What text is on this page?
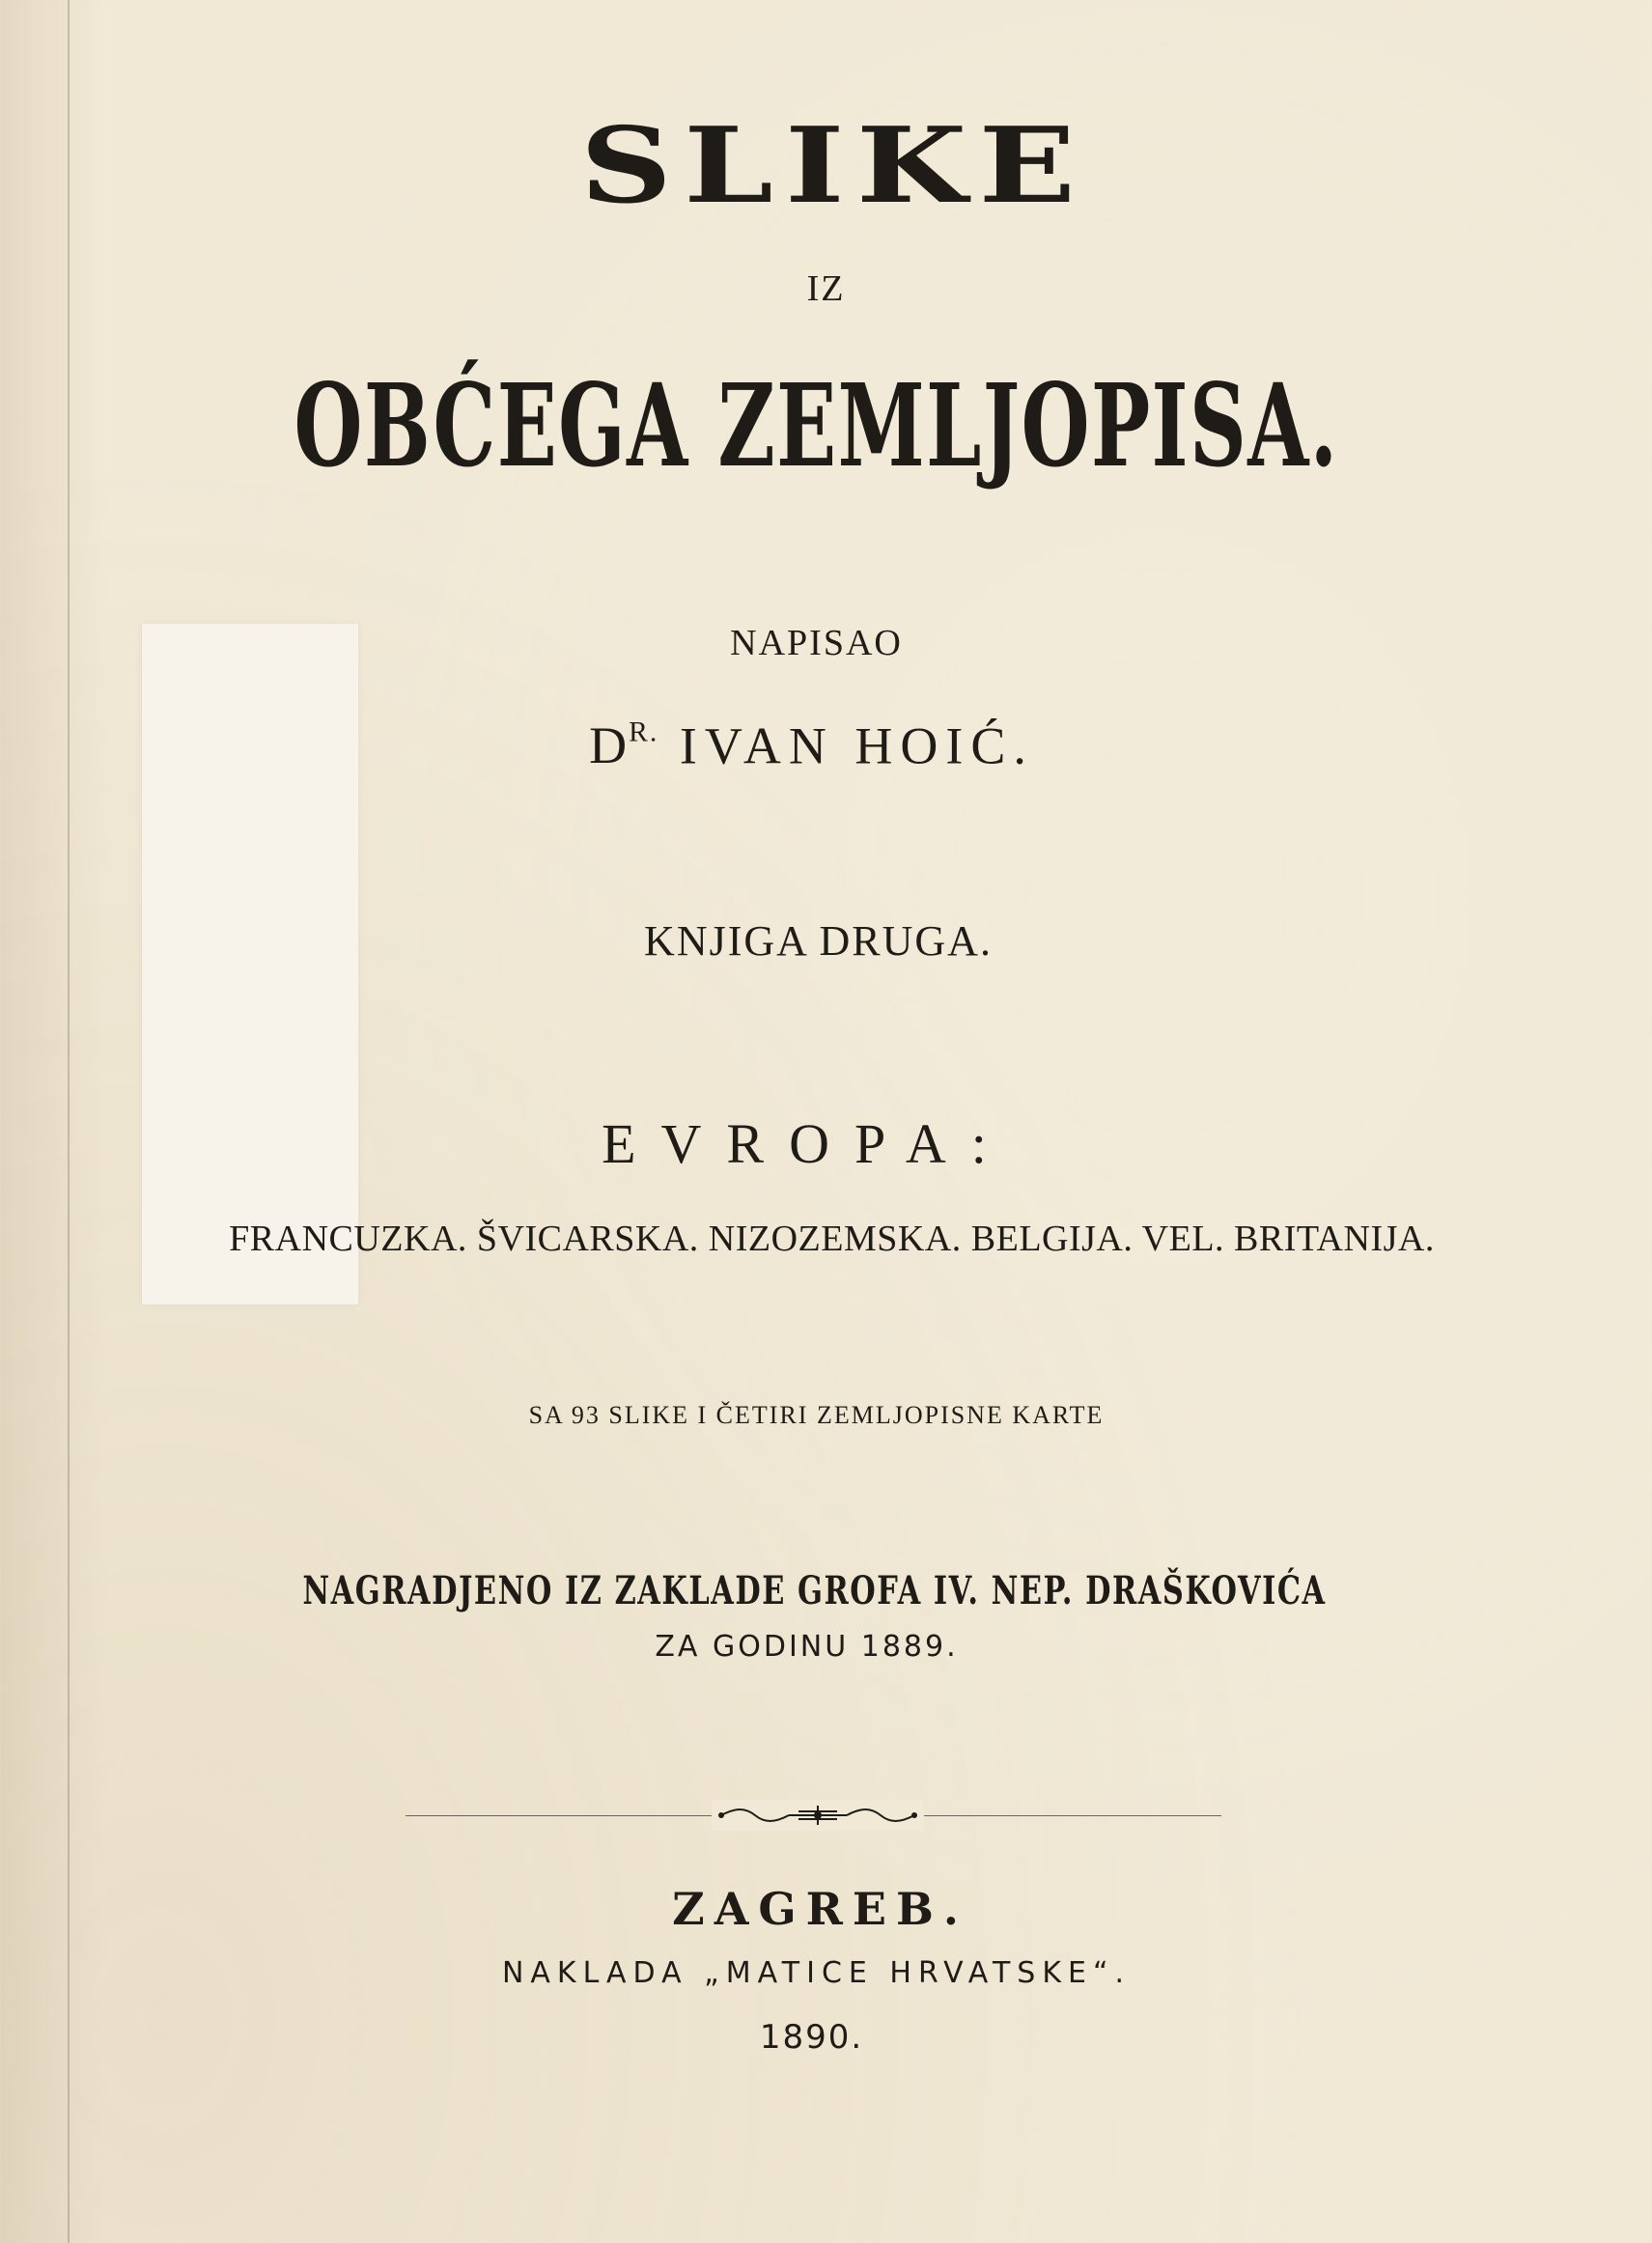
SLIKE
IZ
OBĆEGA ZEMLJOPISA.
NAPISAO
$D^{R.}$ IVAN HOIĆ.
KNJIGA DRUGA.
EVROPA:
FRANCUZKA. ŠVICARSKA. NIZOZEMSKA. BELGIJA. VEL. BRITANIJA.
SA 93 SLIKE I ČETIRI ZEMLJOPISNE KARTE
NAGRADJENO IZ ZAKLADE GROFA IV. NEP. DRAŠKOVIĆA
ZA GODINU 1889.
ZAGREB.
NAKLADA „MATICE HRVATSKE“.
1890.
